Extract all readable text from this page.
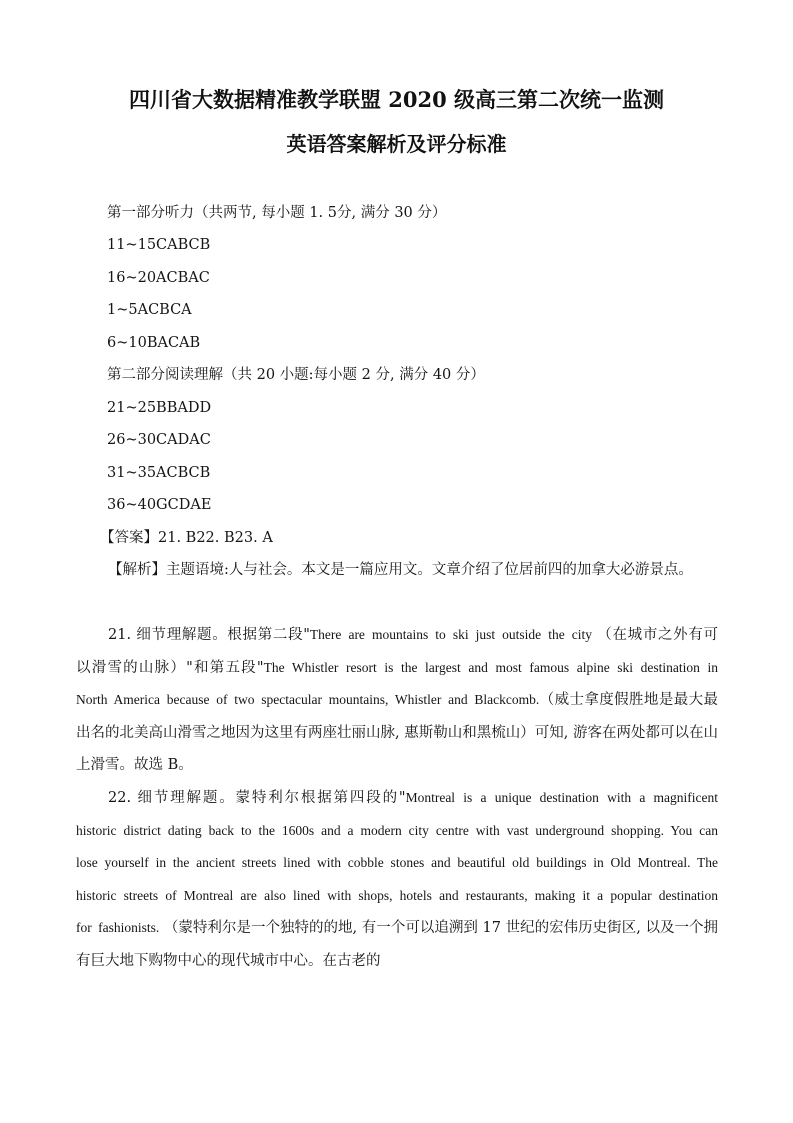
四川省大数据精准教学联盟 2020 级高三第二次统一监测
英语答案解析及评分标准
第一部分听力（共两节, 每小题 1. 5分, 满分 30 分）
11~15CABCB
16~20ACBAC
1~5ACBCA
6~10BACAB
第二部分阅读理解（共 20 小题:每小题 2 分, 满分 40 分）
21~25BBADD
26~30CADAC
31~35ACBCB
36~40GCDAE
【答案】21. B22. B23. A
【解析】主题语境:人与社会。本文是一篇应用文。文章介绍了位居前四的加拿大必游景点。
21. 细节理解题。根据第二段"There are mountains to ski just outside the city （在城市之外有可 以滑雪的山脉）"和第五段"The Whistler resort is the largest and most famous alpine ski destination in North America because of two spectacular mountains, Whistler and Blackcomb.（威士拿度假胜地是最大最出名的北美高山滑雪之地因为这里有两座壮丽山脉, 惠斯勒山和黑梳山）可知, 游客在两处都可以在山上滑雪。故选 B。
22. 细节理解题。蒙特利尔根据第四段的"Montreal is a unique destination with a magnificent historic district dating back to the 1600s and a modern city centre with vast underground shopping. You can lose yourself in the ancient streets lined with cobble stones and beautiful old buildings in Old Montreal. The historic streets of Montreal are also lined with shops, hotels and restaurants, making it a popular destination for fashionists. （蒙特利尔是一个独特的的地, 有一个可以追溯到 17 世纪的宏伟历史街区, 以及一个拥有巨大地下购物中心的现代城市中心。在古老的
